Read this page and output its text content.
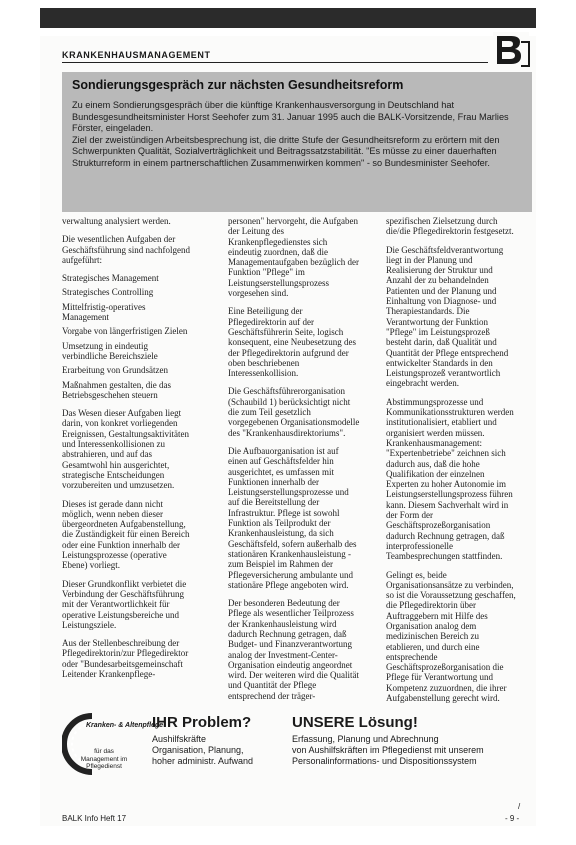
KRANKENHAUSMANAGEMENT
Sondierungsgespräch zur nächsten Gesundheitsreform

Zu einem Sondierungsgespräch über die künftige Krankenhausversorgung in Deutschland hat Bundesgesundheitsminister Horst Seehofer zum 31. Januar 1995 auch die BALK-Vorsitzende, Frau Marlies Förster, eingeladen.

Ziel der zweistündigen Arbeitsbesprechung ist, die dritte Stufe der Gesundheitsreform zu erörtern mit den Schwerpunkten Qualität, Sozialverträglichkeit und Beitragssatzstabilität. "Es müsse zu einer dauerhaften Strukturreform in einem partnerschaftlichen Zusammenwirken kommen" - so Bundesminister Seehofer.

verwaltung analysiert werden.

Die wesentlichen Aufgaben der Geschäftsführung sind nachfolgend aufgeführt:

Strategisches Management

Strategisches Controlling

Mittelfristig-operatives Management

Vorgabe von längerfristigen Zielen

Umsetzung in eindeutig verbindliche Bereichsziele

Erarbeitung von Grundsätzen

Maßnahmen gestalten, die das Betriebsgeschehen steuern

Das Wesen dieser Aufgaben liegt darin, von konkret vorliegenden Ereignissen, Gestaltungsaktivitäten und Interessenkollisionen zu abstrahieren, und auf das Gesamtwohl hin ausgerichtet, strategische Entscheidungen vorzubereiten und umzusetzen.

Dieses ist gerade dann nicht möglich, wenn neben dieser übergeordneten Aufgabenstellung, die Zuständigkeit für einen Bereich oder eine Funktion innerhalb der Leistungsprozesse (operative Ebene) vorliegt.

Dieser Grundkonflikt verbietet die Verbindung der Geschäftsführung mit der Verantwortlichkeit für operative Leistungsbereiche und Leistungsziele.

Aus der Stellenbeschreibung der Pflegedirektorin/zur Pflegedirektor oder "Bundesarbeitsgemeinschaft Leitender Krankenpflege-

personen" hervorgeht, die Aufgaben der Leitung des Krankenpflegedienstes sich eindeutig zuordnen, daß die Managementaufgaben bezüglich der Funktion "Pflege" im Leistungserstellungsprozess vorgesehen sind.

Eine Beteiligung der Pflegedirektorin auf der Geschäftsführerin Seite, logisch konsequent, eine Neubesetzung des der Pflegedirektorin aufgrund der oben beschriebenen Interessenkollision.

Die Geschäftsführerorganisation (Schaubild 1) berücksichtigt nicht die zum Teil gesetzlich vorgegebenen Organisationsmodelle des "Krankenhausdirektoriums".

Die Aufbauorganisation ist auf einen auf Geschäftsfelder hin ausgerichtet, es umfassen mit Funktionen innerhalb der Leistungserstellungsprozesse und auf die Bereitstellung der Infrastruktur. Pflege ist sowohl Funktion als Teilprodukt der Krankenhausleistung, da sich Geschäftsfeld, sofern außerhalb des stationären Krankenhausleistung - zum Beispiel im Rahmen der Pflegeversicherung ambulante und stationäre Pflege angeboten wird.

Der besonderen Bedeutung der Pflege als wesentlicher Teilprozess der Krankenhausleistung wird dadurch Rechnung getragen, daß Budget- und Finanzverantwortung analog der Investment-Center-Organisation eindeutig angeordnet wird. Der weiteren wird die Qualität und Quantität der Pflege entsprechend der träger-

spezifischen Zielsetzung durch die/die Pflegedirektorin festgesetzt.

Die Geschäftsfeldverantwortung liegt in der Planung und Realisierung der Struktur und Anzahl der zu behandelnden Patienten und der Planung und Einhaltung von Diagnose- und Therapiestandards. Die Verantwortung der Funktion "Pflege" im Leistungsprozeß besteht darin, daß Qualität und Quantität der Pflege entsprechend entwickelter Standards in den Leistungsprozeß verantwortlich eingebracht werden.

Abstimmungsprozesse und Kommunikationsstrukturen werden institutionalisiert, etabliert und organisiert werden müssen. Krankenhausmanagement: "Expertenbetriebe" zeichnen sich dadurch aus, daß die hohe Qualifikation der einzelnen Experten zu hoher Autonomie im Leistungserstellungsprozess führen kann. Diesem Sachverhalt wird in der Form der Geschäftsprozeßorganisation dadurch Rechnung getragen, daß interprofessionelle Teambesprechungen stattfinden.

Gelingt es, beide Organisationsansätze zu verbinden, so ist die Voraussetzung geschaffen, die Pflegedirektorin über Auftraggebern mit Hilfe des Organisation analog dem medizinischen Bereich zu etablieren, und durch eine entsprechende Geschäftsprozeßorganisation die Pflege für Verantwortung und Kompetenz zuzuordnen, die ihrer Aufgabenstellung gerecht wird.

Kranken- & Altenpflege
für das Management im Pflegedienst
IHR Problem?
Aushilfskräfte
Organisation, Planung,
hoher administr. Aufwand
UNSERE Lösung!
Erfassung, Planung und Abrechnung
von Aushilfskräften im Pflegedienst mit unserem
Personalinformations- und Dispositionssystem
/
BALK Info Heft 17	- 9 -
